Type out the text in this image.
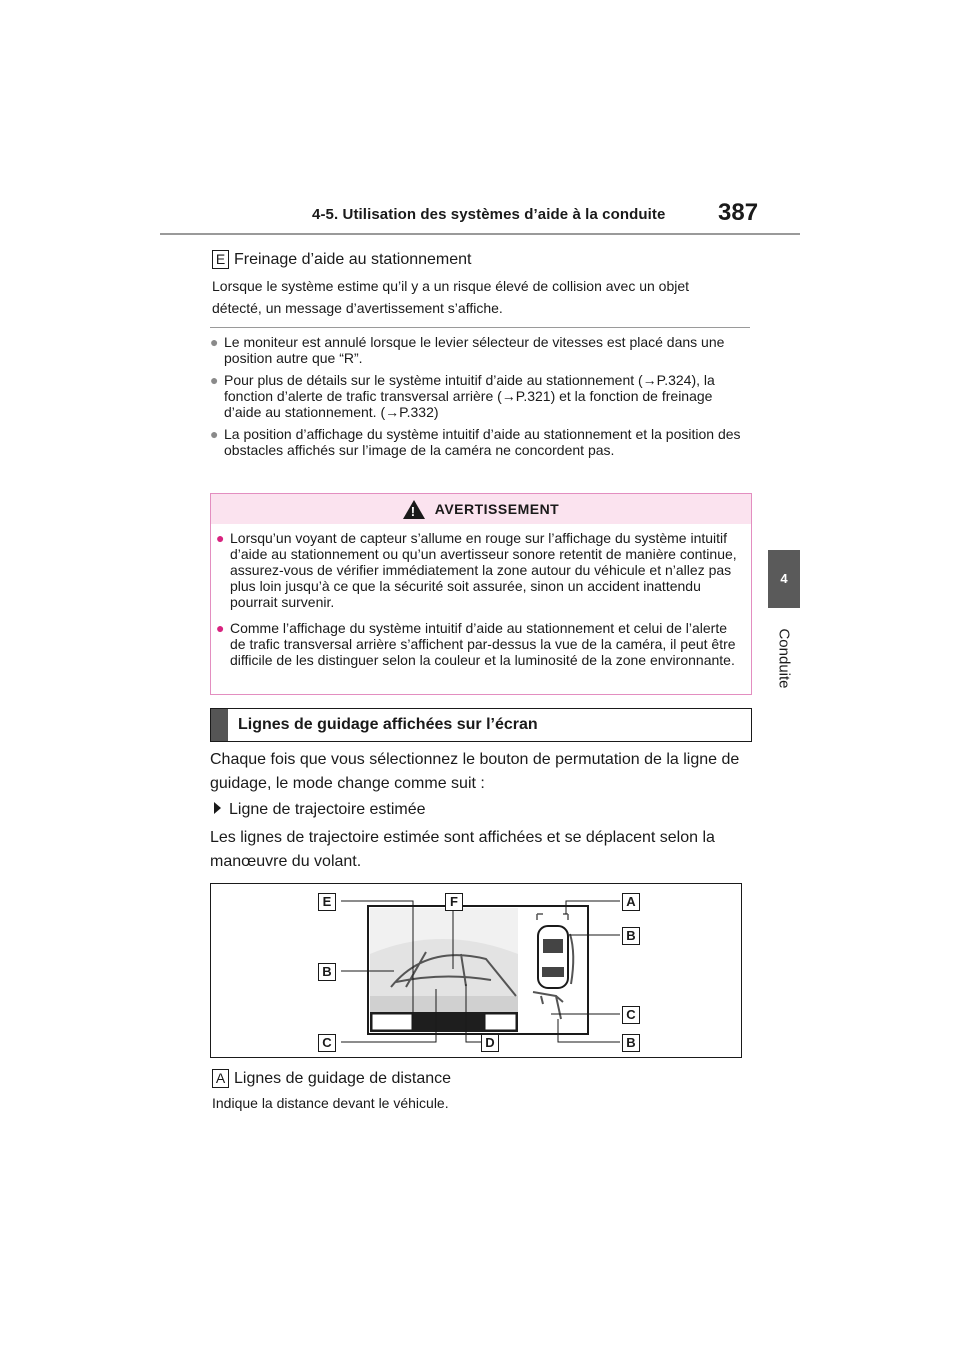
4-5. Utilisation des systèmes d’aide à la conduite 387
4
Conduite
E Freinage d’aide au stationnement
Lorsque le système estime qu’il y a un risque élevé de collision avec un objet détecté, un message d’avertissement s’affiche.
● Le moniteur est annulé lorsque le levier sélecteur de vitesses est placé dans une position autre que “R”.
● Pour plus de détails sur le système intuitif d’aide au stationnement (→P.324), la fonction d’alerte de trafic transversal arrière (→P.321) et la fonction de freinage d’aide au stationnement. (→P.332)
● La position d’affichage du système intuitif d’aide au stationnement et la position des obstacles affichés sur l’image de la caméra ne concordent pas.
! AVERTISSEMENT
● Lorsqu’un voyant de capteur s’allume en rouge sur l’affichage du système intuitif d’aide au stationnement ou qu’un avertisseur sonore retentit de manière continue, assurez-vous de vérifier immédiatement la zone autour du véhicule et n’allez pas plus loin jusqu’à ce que la sécurité soit assurée, sinon un accident inattendu pourrait survenir.
● Comme l’affichage du système intuitif d’aide au stationnement et celui de l’alerte de trafic transversal arrière s’affichent par-dessus la vue de la caméra, il peut être difficile de les distinguer selon la couleur et la luminosité de la zone environnante.
Lignes de guidage affichées sur l’écran
Chaque fois que vous sélectionnez le bouton de permutation de la ligne de guidage, le mode change comme suit :
Ligne de trajectoire estimée
Les lignes de trajectoire estimée sont affichées et se déplacent selon la manœuvre du volant.
E	F	A
B
B
C
C	D	B
A Lignes de guidage de distance
Indique la distance devant le véhicule.
